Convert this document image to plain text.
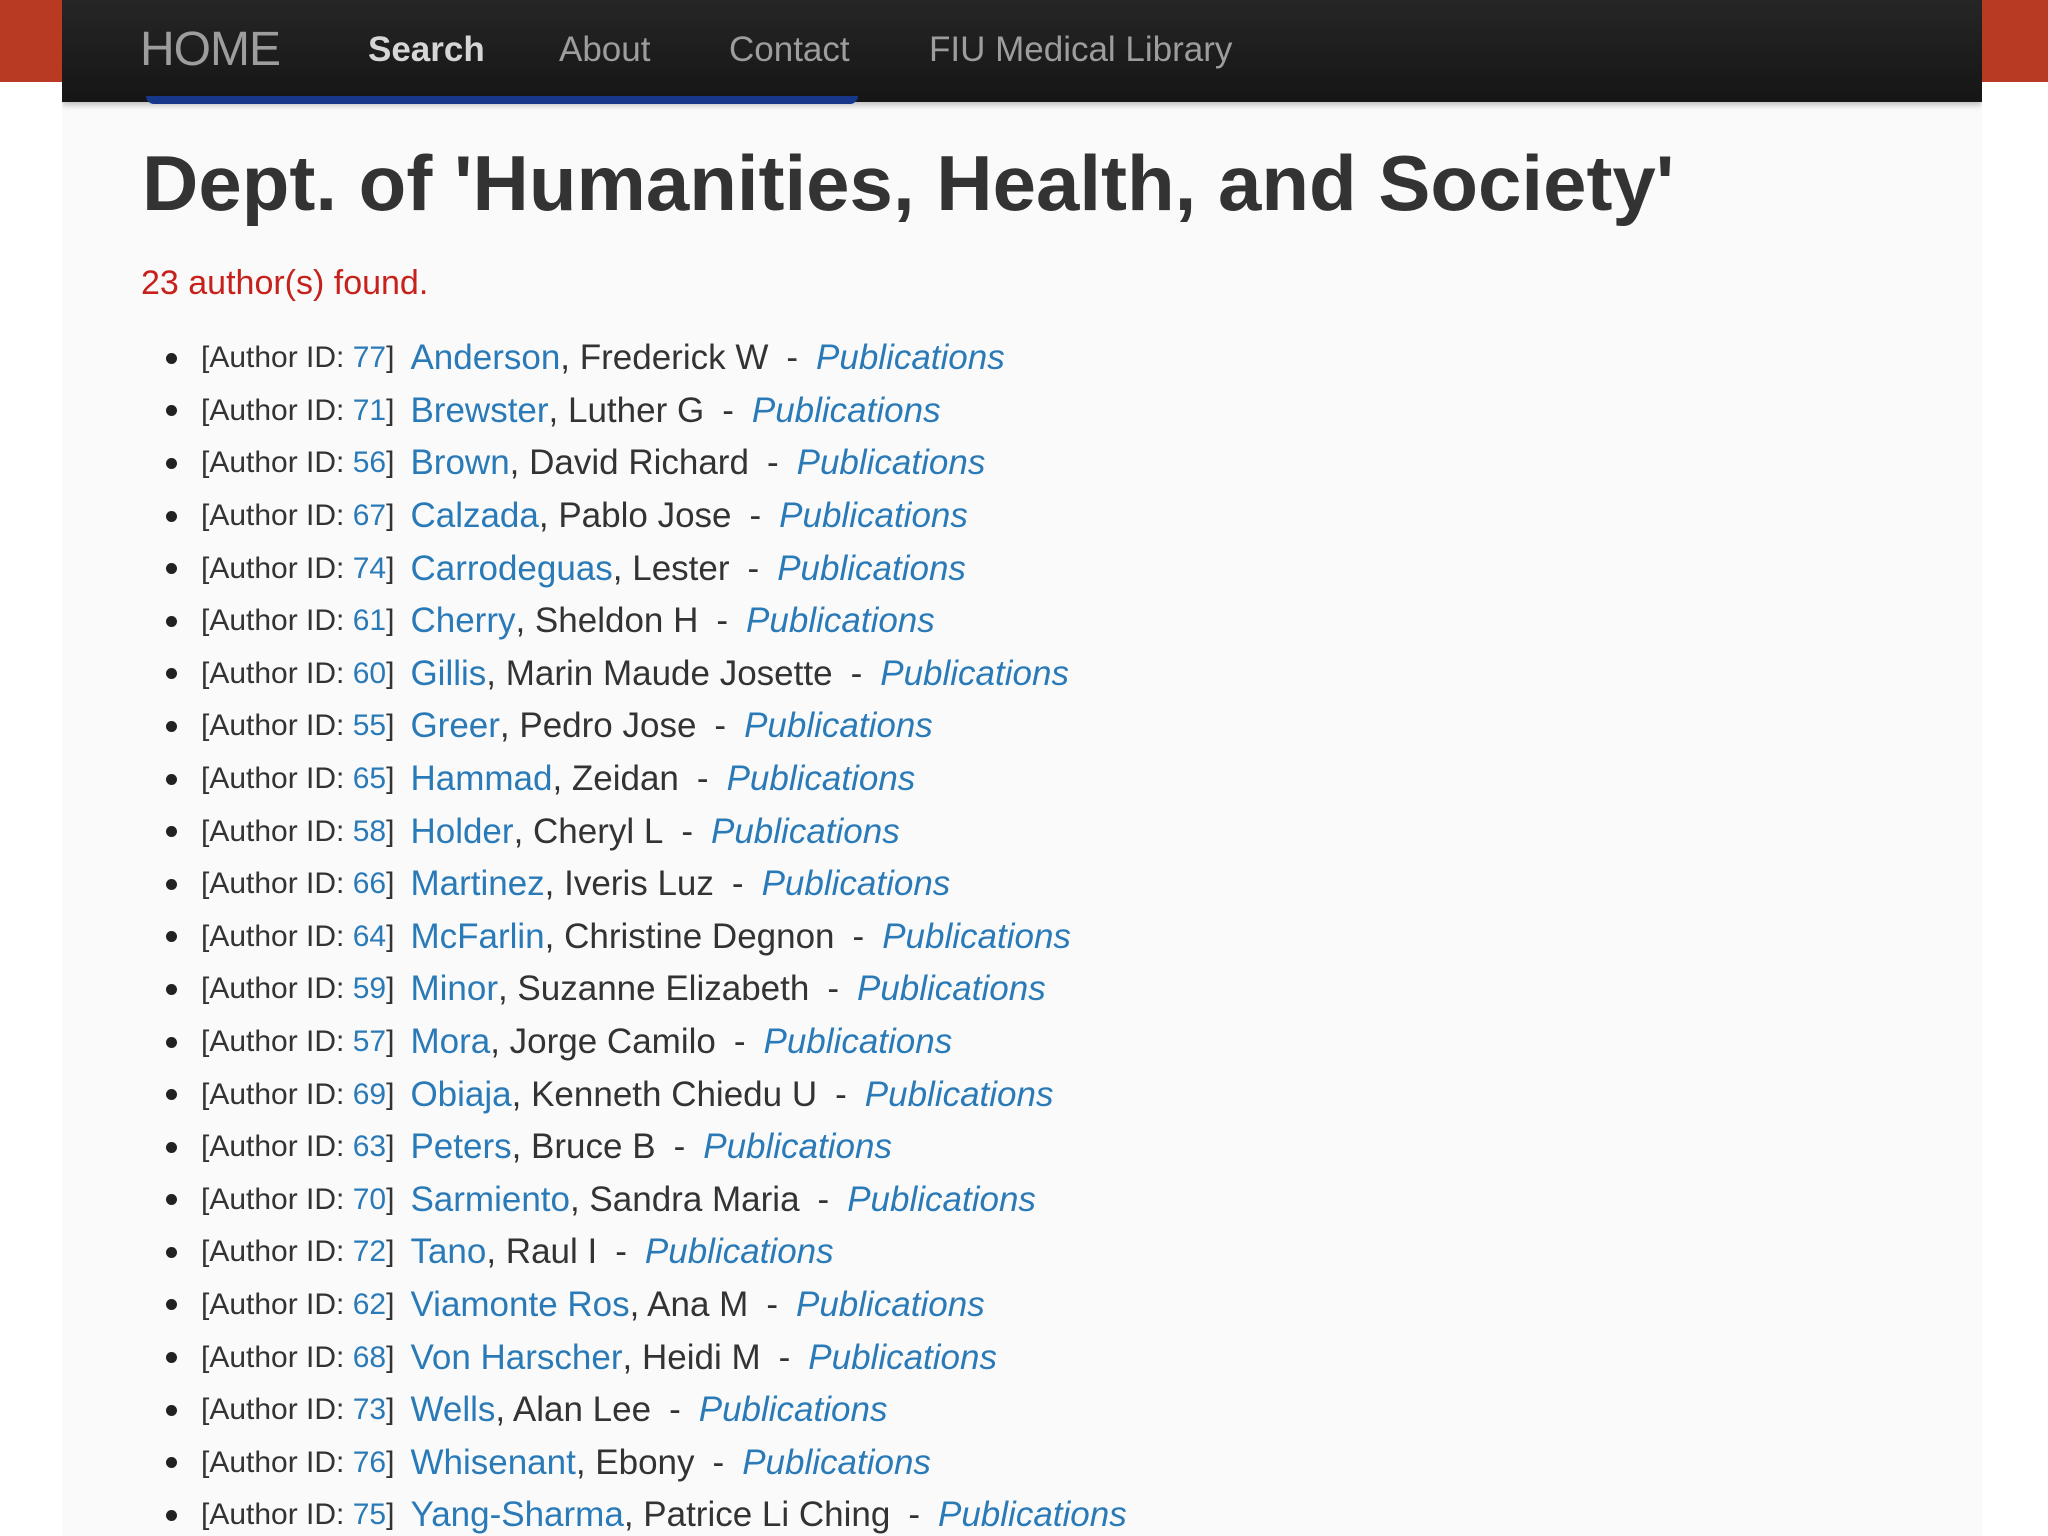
HOME	Search About Contact FIU Medical Library
Dept. of 'Humanities, Health, and Society'
23 author(s) found.
[Author ID: 77] Anderson , Frederick W - Publications
[Author ID: 71] Brewster , Luther G - Publications
[Author ID: 56] Brown , David Richard - Publications
[Author ID: 67] Calzada , Pablo Jose - Publications
[Author ID: 74] Carrodeguas , Lester - Publications
[Author ID: 61] Cherry , Sheldon H - Publications
[Author ID: 60] Gillis , Marin Maude Josette - Publications
[Author ID: 55] Greer , Pedro Jose - Publications
[Author ID: 65] Hammad , Zeidan - Publications
[Author ID: 58] Holder , Cheryl L - Publications
[Author ID: 66] Martinez , Iveris Luz - Publications
[Author ID: 64] McFarlin , Christine Degnon - Publications
[Author ID: 59] Minor , Suzanne Elizabeth - Publications
[Author ID: 57] Mora , Jorge Camilo - Publications
[Author ID: 69] Obiaja , Kenneth Chiedu U - Publications
[Author ID: 63] Peters , Bruce B - Publications
[Author ID: 70] Sarmiento , Sandra Maria - Publications
[Author ID: 72] Tano , Raul I - Publications
[Author ID: 62] Viamonte Ros , Ana M - Publications
[Author ID: 68] Von Harscher , Heidi M - Publications
[Author ID: 73] Wells , Alan Lee - Publications
[Author ID: 76] Whisenant , Ebony - Publications
[Author ID: 75] Yang-Sharma , Patrice Li Ching - Publications
